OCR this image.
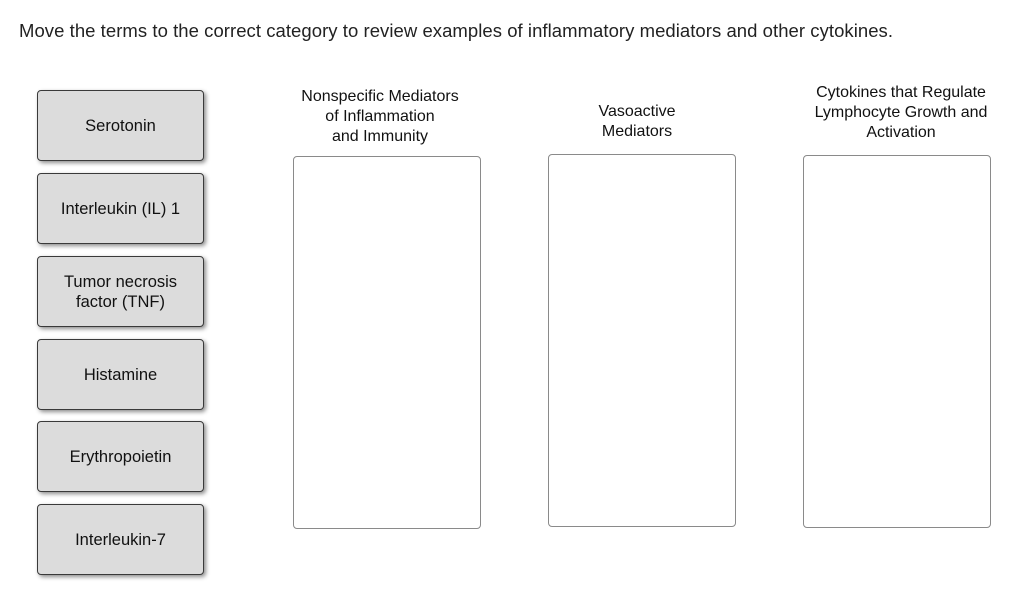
Move the terms to the correct category to review examples of inflammatory mediators and other cytokines.
Serotonin
Interleukin (IL) 1
Tumor necrosis
factor (TNF)
Histamine
Erythropoietin
Interleukin-7
Nonspecific Mediators
of Inflammation
and Immunity
Vasoactive
Mediators
Cytokines that Regulate
Lymphocyte Growth and
Activation
